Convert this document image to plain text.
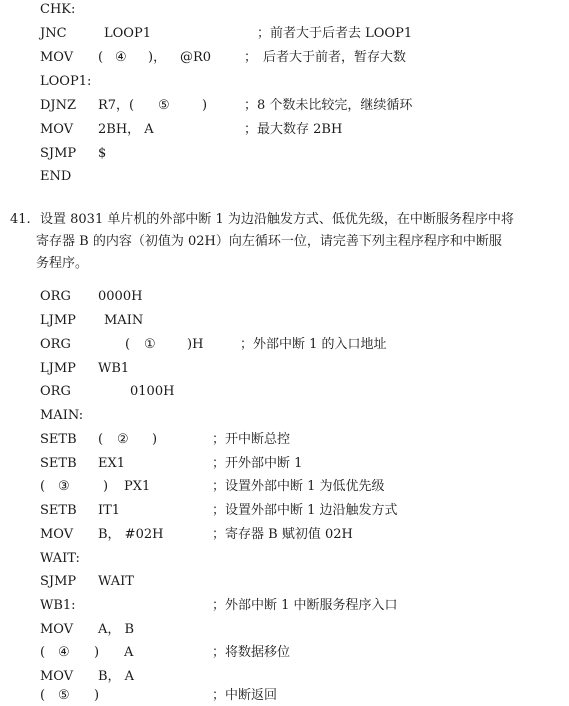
CHK:
JNC	LOOP1	；前者大于后者去 LOOP1
MOV ( ④ )， @R0	； 后者大于前者，暂存大数
LOOP1:
DJNZ R7，( ⑤ )	；8 个数未比较完，继续循环
MOV 2BH， A	；最大数存 2BH
SJMP $
END
41. 设置 8031 单片机的外部中断 1 为边沿触发方式、低优先级，在中断服务程序中将
寄存器 B 的内容（初值为 02H）向左循环一位，请完善下列主程序程序和中断服
务程序。
ORG 0000H
LJMP MAIN
ORG	( ① )H	；外部中断 1 的入口地址
LJMP WB1
ORG	0100H
MAIN:
SETB ( ② )	；开中断总控
SETB EX1	；开外部中断 1
( ③	) PX1	；设置外部中断 1 为低优先级
SETB IT1	；设置外部中断 1 边沿触发方式
MOV B， #02H	；寄存器 B 赋初值 02H
WAIT:
SJMP WAIT
WB1:	；外部中断 1 中断服务程序入口
MOV A， B
( ④ ) A	；将数据移位
MOV B， A
( ⑤ )	；中断返回
